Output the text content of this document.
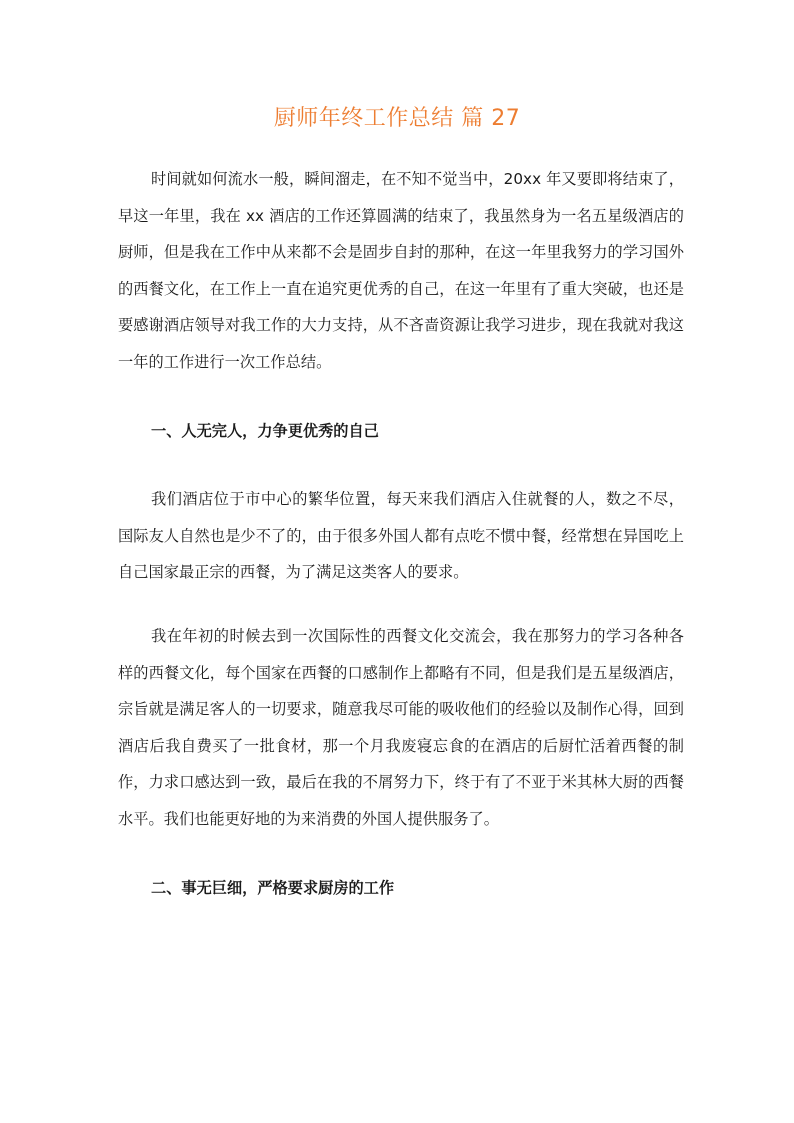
厨师年终工作总结 篇 27

时间就如何流水一般，瞬间溜走，在不知不觉当中，20xx 年又要即将结束了，早这一年里，我在 xx 酒店的工作还算圆满的结束了，我虽然身为一名五星级酒店的厨师，但是我在工作中从来都不会是固步自封的那种，在这一年里我努力的学习国外的西餐文化，在工作上一直在追究更优秀的自己，在这一年里有了重大突破，也还是要感谢酒店领导对我工作的大力支持，从不吝啬资源让我学习进步，现在我就对我这一年的工作进行一次工作总结。

一、人无完人，力争更优秀的自己

我们酒店位于市中心的繁华位置，每天来我们酒店入住就餐的人，数之不尽，国际友人自然也是少不了的，由于很多外国人都有点吃不惯中餐，经常想在异国吃上自己国家最正宗的西餐，为了满足这类客人的要求。

我在年初的时候去到一次国际性的西餐文化交流会，我在那努力的学习各种各样的西餐文化，每个国家在西餐的口感制作上都略有不同，但是我们是五星级酒店，宗旨就是满足客人的一切要求，随意我尽可能的吸收他们的经验以及制作心得，回到酒店后我自费买了一批食材，那一个月我废寝忘食的在酒店的后厨忙活着西餐的制作，力求口感达到一致，最后在我的不屑努力下，终于有了不亚于米其林大厨的西餐水平。我们也能更好地的为来消费的外国人提供服务了。

二、事无巨细，严格要求厨房的工作
